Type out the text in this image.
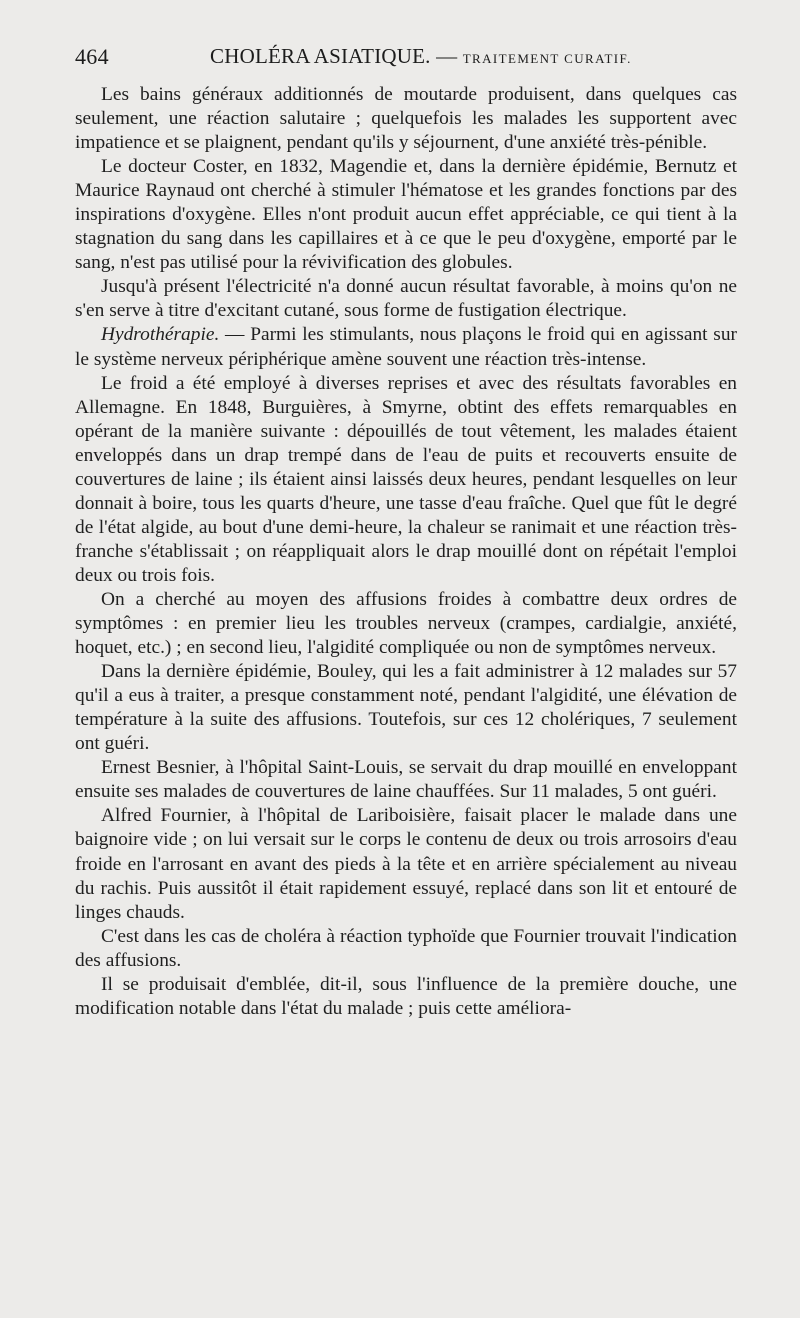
464	CHOLÉRA ASIATIQUE. — TRAITEMENT CURATIF.

Les bains généraux additionnés de moutarde produisent, dans quelques cas seulement, une réaction salutaire ; quelquefois les malades les supportent avec impatience et se plaignent, pendant qu'ils y séjournent, d'une anxiété très-pénible.

Le docteur Coster, en 1832, Magendie et, dans la dernière épidémie, Bernutz et Maurice Raynaud ont cherché à stimuler l'hématose et les grandes fonctions par des inspirations d'oxygène. Elles n'ont produit aucun effet appréciable, ce qui tient à la stagnation du sang dans les capillaires et à ce que le peu d'oxygène, emporté par le sang, n'est pas utilisé pour la révivification des globules.

Jusqu'à présent l'électricité n'a donné aucun résultat favorable, à moins qu'on ne s'en serve à titre d'excitant cutané, sous forme de fustigation électrique.

Hydrothérapie. — Parmi les stimulants, nous plaçons le froid qui en agissant sur le système nerveux périphérique amène souvent une réaction très-intense.

Le froid a été employé à diverses reprises et avec des résultats favorables en Allemagne. En 1848, Burguières, à Smyrne, obtint des effets remarquables en opérant de la manière suivante : dépouillés de tout vêtement, les malades étaient enveloppés dans un drap trempé dans de l'eau de puits et recouverts ensuite de couvertures de laine ; ils étaient ainsi laissés deux heures, pendant lesquelles on leur donnait à boire, tous les quarts d'heure, une tasse d'eau fraîche. Quel que fût le degré de l'état algide, au bout d'une demi-heure, la chaleur se ranimait et une réaction très-franche s'établissait ; on réappliquait alors le drap mouillé dont on répétait l'emploi deux ou trois fois.

On a cherché au moyen des affusions froides à combattre deux ordres de symptômes : en premier lieu les troubles nerveux (crampes, cardialgie, anxiété, hoquet, etc.) ; en second lieu, l'algidité compliquée ou non de symptômes nerveux.

Dans la dernière épidémie, Bouley, qui les a fait administrer à 12 malades sur 57 qu'il a eus à traiter, a presque constamment noté, pendant l'algidité, une élévation de température à la suite des affusions. Toutefois, sur ces 12 cholériques, 7 seulement ont guéri.

Ernest Besnier, à l'hôpital Saint-Louis, se servait du drap mouillé en enveloppant ensuite ses malades de couvertures de laine chauffées. Sur 11 malades, 5 ont guéri.

Alfred Fournier, à l'hôpital de Lariboisière, faisait placer le malade dans une baignoire vide ; on lui versait sur le corps le contenu de deux ou trois arrosoirs d'eau froide en l'arrosant en avant des pieds à la tête et en arrière spécialement au niveau du rachis. Puis aussitôt il était rapidement essuyé, replacé dans son lit et entouré de linges chauds.

C'est dans les cas de choléra à réaction typhoïde que Fournier trouvait l'indication des affusions.

Il se produisait d'emblée, dit-il, sous l'influence de la première douche, une modification notable dans l'état du malade ; puis cette améliora-
